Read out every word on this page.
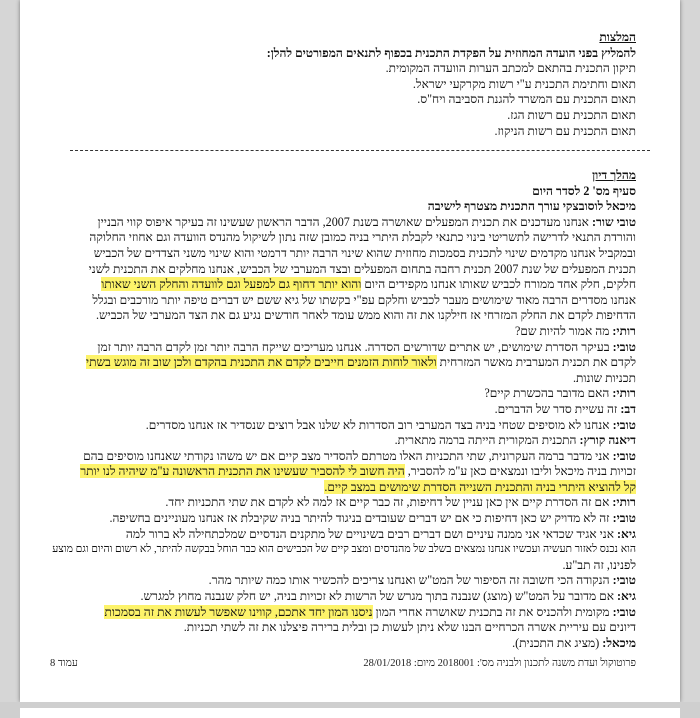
המלצות
להמליץ בפני הועדה המחוזית על הפקדת התכנית בכפוף לתנאים המפורטים להלן:
תיקון התכנית בהתאם למכתב הערות הוועדה המקומית.
תאום וחתימת התכנית ע"י רשות מקרקעי ישראל.
תאום התכנית עם המשרד להגנת הסביבה ויח"ס.
תאום התכנית עם רשות הגז.
תאום התכנית עם רשות הניקוז.
מהלך דיון
סעיף מס' 2 לסדר היום
מיכאל לוסובצקי עורך התכנית מצטרף לישיבה
טובי שור: אנחנו מעדכנים את תכנית המפעלים שאושרה בשנת 2007, הדבר הראשון שעשינו זה בעיקר איפוס קווי הבניין
והורדת התנאי לדרישה לתשריטי בינוי כתנאי לקבלת היתרי בניה כמובן שזה נתון לשיקול מהנדס הוועדה וגם אחוזי החלוקה
ובמקביל אנחנו מקדמים שינוי לתכנית בסמכות מחוזית שהוא שינוי הרבה יותר דרמטי והוא שינוי משני הצדדים של הכביש
תכנית המפעלים של שנת 2007 תכנית רחבה בתחום המפעלים ובצד המערבי של הכביש, אנחנו מחלקים את התכנית לשני
חלקים, חלק אחד ממורח לכביש שאותו אנחנו מקפידים היום והוא יותר דחוף גם למפעל וגם לוועדה והחלק השני שאותו
אנחנו מסדרים הרבה מאוד שימושים מעבר לכביש וחלקם עפ"י בקשתו של גיא ששם יש דברים טיפה יותר מורכבים ובגלל
הדחיפות לקדם את החלק המזרחי אז חילקנו את זה והוא ממש עומד לאחר חודשים נגיע גם את הצד המערבי של הכביש.
רותי: מה אמור להיות שם?
טובי: בעיקר הסדרת שימושים, יש אתרים שדורשים הסדרה. אנחנו מעריכים שייקח הרבה יותר זמן לקדם הרבה יותר זמן
לקדם את תכנית המערבית מאשר המזרחית ולאור לוחות הזמנים חייבים לקדם את התכנית בהקדם ולכן שוב זה מוגש בשתי
תכניות שונות.
רותי: האם מדובר בהכשרת קיים?
דב: זה עשיית סדר של הדברים.
טובי: אנחנו לא מוסיפים שטחי בניה בצד המערבי רוב הסדרות לא שלנו אבל רוצים שנסדיר אז אנחנו מסדרים.
דיאנה קורץ: התכנית המקורית הייתה ברמה מתארית.
טובי: אני מדבר ברמה העקרונית, שתי התכניות האלו מטרתם להסדיר מצב קיים אם יש משהו נקודתי שאנחנו מוסיפים בהם
זכויות בניה מיכאל וליבו ונמצאים כאן ע"מ להסביר, היה חשוב לי להסביר שעשינו את התכנית הראשונה ע"מ שיהיה לנו יותר
קל להוציא היתרי בניה והתכנית השנייה הסדרת שימושים במצב קיים.
רותי: אם זה הסדרת קיים אין כאן עניין של דחיפות, זה כבר קיים אז למה לא לקדם את שתי התכניות יחד.
טובי: זה לא מדויק יש כאן דחיפות כי אם יש דברים שעובדים בניגוד להיתר בניה שקיבלת אז אנחנו מעוניינים בחשיפה.
גיא: אני אגיד שכדאי אני ממנה עיניים ושם דברים רבים בשינויים של מתקנים הנדסיים שמלכתחילה לא ברור למה
הוא נכנס לאזור תעשיה ועכשיו אנחנו נמצאים בשלב של מהנדסים ומצב קיים של הכבישים הוא כבר הוחל בבקשה להיתר, לא רשום והיום וגם מוצע
לפנינו, זה תב"ע.
טובי: הנקודה הכי חשובה זה הסיפור של המט"ש ואנחנו צריכים להכשיר אותו כמה שיותר מהר.
גיא: אם מדובר על המט"ש (מוצג) שנבנה בתוך מגרש של הרשות לא זכויות בניה, יש חלק שנבנה מחוץ למגרש.
טובי: מקומית ולהכניס את זה בתכנית שאושרה אחרי המון ניסנו המון יחד אתכם, קווינו שאפשר לעשות את זה בסמכות
דיונים עם עיריית אשרה הכרחיים הבנו שלא ניתן לעשות כן ובלית ברירה פיצלנו את זה לשתי תכניות.
מיכאל: (מציג את התכנית).
פרוטוקול ועדת משנה לתכנון ולבניה מס': 2018001 מיום: 28/01/2018
עמוד 8
